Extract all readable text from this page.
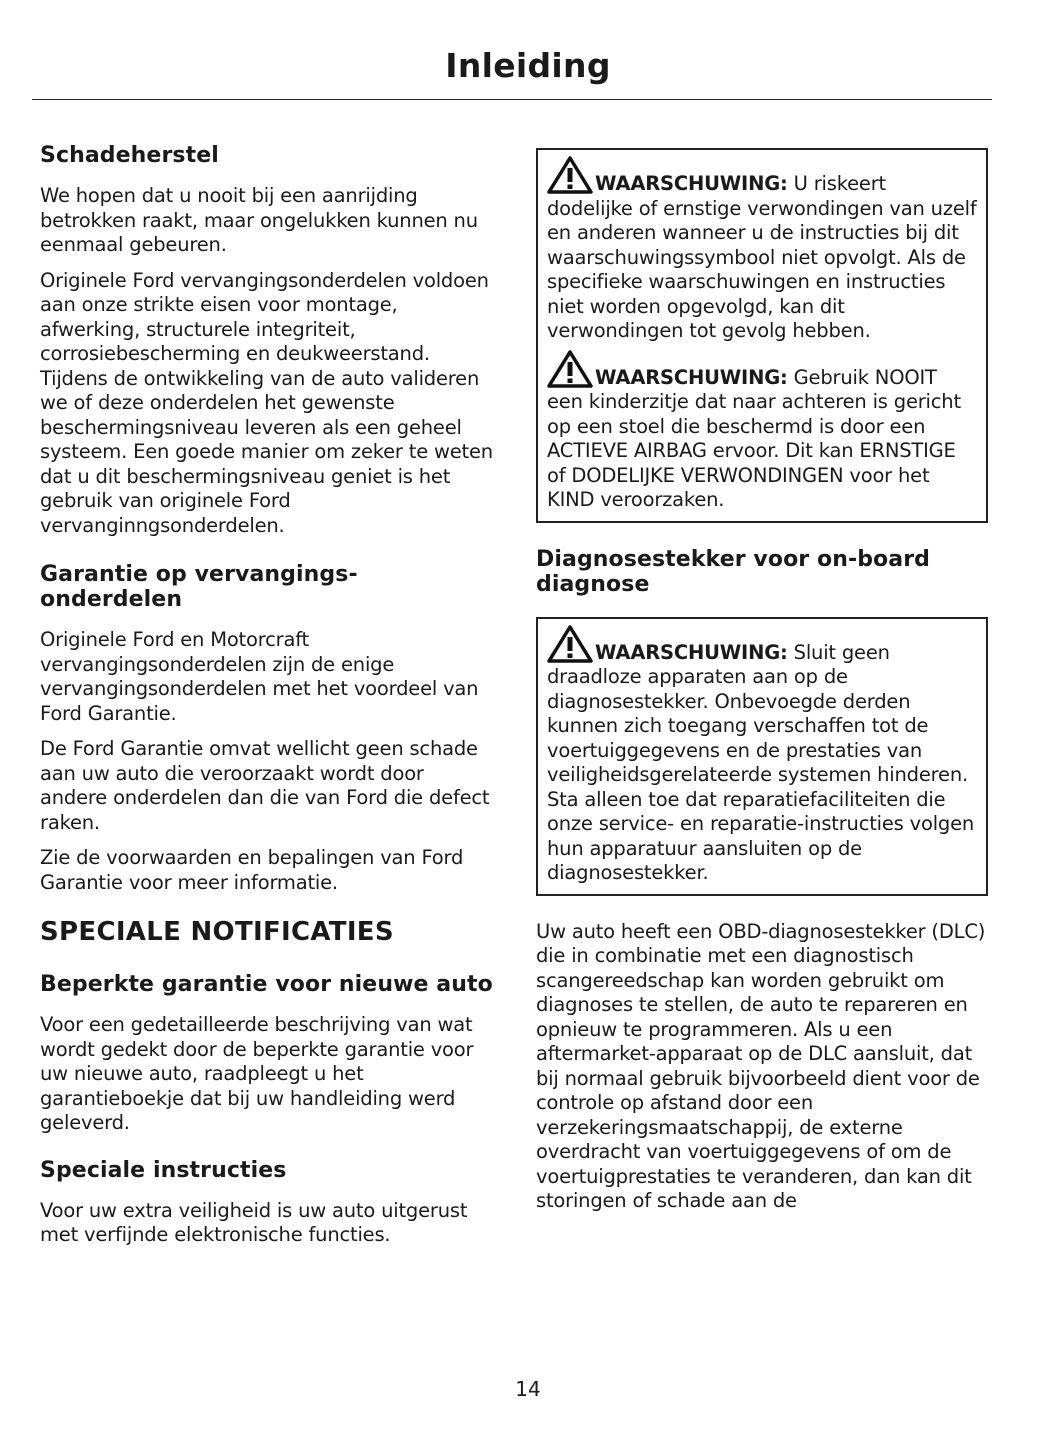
Inleiding
Schadeherstel

We hopen dat u nooit bij een aanrijding betrokken raakt, maar ongelukken kunnen nu eenmaal gebeuren.

Originele Ford vervangingsonderdelen voldoen aan onze strikte eisen voor montage, afwerking, structurele integriteit, corrosiebescherming en deukweerstand. Tijdens de ontwikkeling van de auto valideren we of deze onderdelen het gewenste beschermingsniveau leveren als een geheel systeem. Een goede manier om zeker te weten dat u dit beschermingsniveau geniet is het gebruik van originele Ford vervanginngsonderdelen.

Garantie op vervangings-onderdelen

Originele Ford en Motorcraft vervangingsonderdelen zijn de enige vervangingsonderdelen met het voordeel van Ford Garantie.

De Ford Garantie omvat wellicht geen schade aan uw auto die veroorzaakt wordt door andere onderdelen dan die van Ford die defect raken.

Zie de voorwaarden en bepalingen van Ford Garantie voor meer informatie.

SPECIALE NOTIFICATIES
Beperkte garantie voor nieuwe auto

Voor een gedetailleerde beschrijving van wat wordt gedekt door de beperkte garantie voor uw nieuwe auto, raadpleegt u het garantieboekje dat bij uw handleiding werd geleverd.

Speciale instructies

Voor uw extra veiligheid is uw auto uitgerust met verfijnde elektronische functies.

WAARSCHUWING: U riskeert dodelijke of ernstige verwondingen van uzelf en anderen wanneer u de instructies bij dit waarschuwingssymbool niet opvolgt. Als de specifieke waarschuwingen en instructies niet worden opgevolgd, kan dit verwondingen tot gevolg hebben.
WAARSCHUWING: Gebruik NOOIT een kinderzitje dat naar achteren is gericht op een stoel die beschermd is door een ACTIEVE AIRBAG ervoor. Dit kan ERNSTIGE of DODELIJKE VERWONDINGEN voor het KIND veroorzaken.
Diagnosestekker voor on-board diagnose
WAARSCHUWING: Sluit geen draadloze apparaten aan op de diagnosestekker. Onbevoegde derden kunnen zich toegang verschaffen tot de voertuiggegevens en de prestaties van veiligheidsgerelateerde systemen hinderen. Sta alleen toe dat reparatiefaciliteiten die onze service- en reparatie-instructies volgen hun apparatuur aansluiten op de diagnosestekker.

Uw auto heeft een OBD-diagnosestekker (DLC) die in combinatie met een diagnostisch scangereedschap kan worden gebruikt om diagnoses te stellen, de auto te repareren en opnieuw te programmeren. Als u een aftermarket-apparaat op de DLC aansluit, dat bij normaal gebruik bijvoorbeeld dient voor de controle op afstand door een verzekeringsmaatschappij, de externe overdracht van voertuiggegevens of om de voertuigprestaties te veranderen, dan kan dit storingen of schade aan de

14
